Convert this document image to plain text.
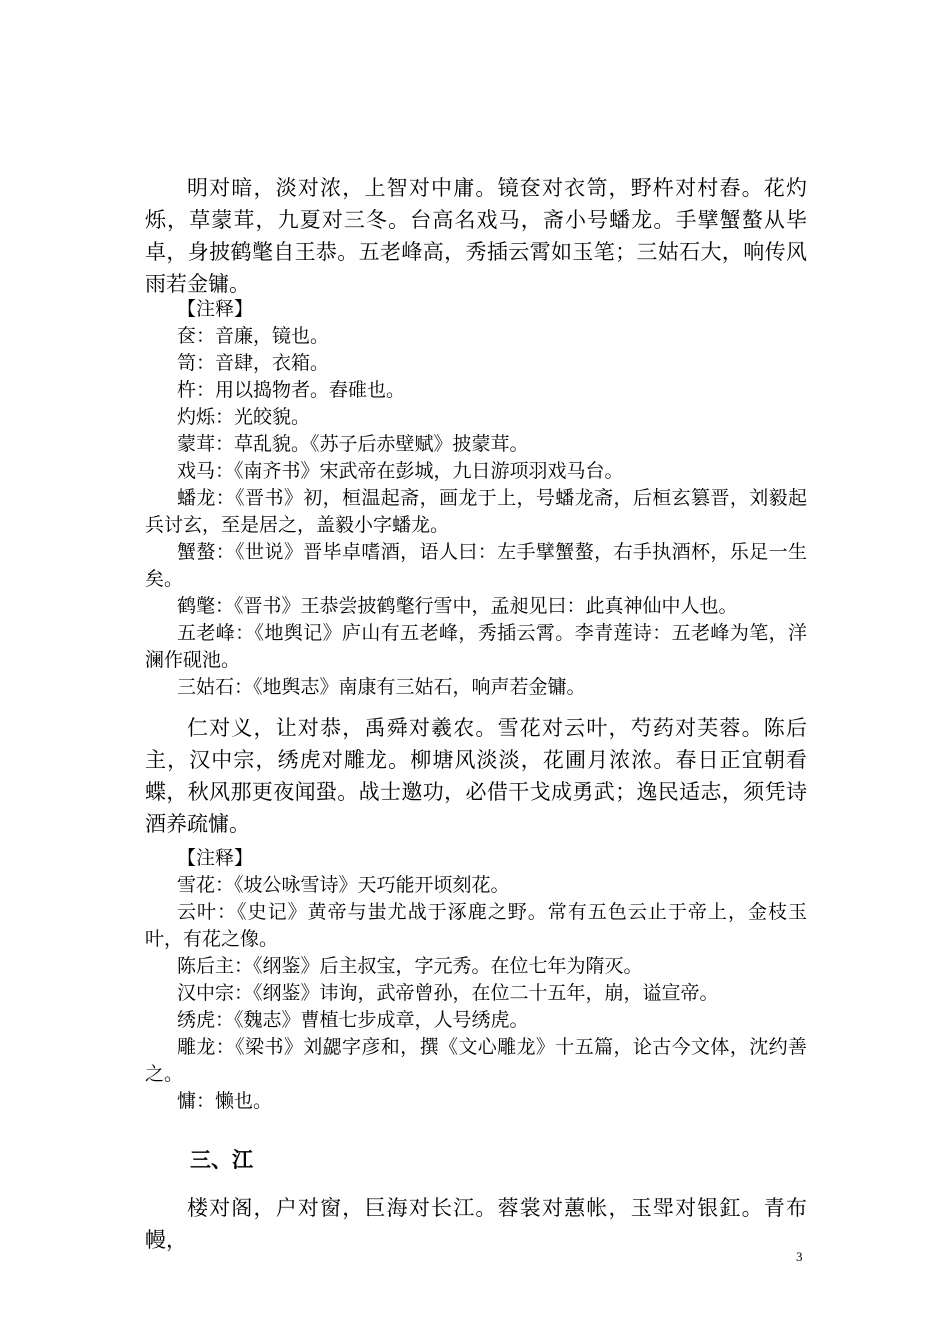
明对暗，淡对浓，上智对中庸。镜奁对衣笥，野杵对村舂。花灼烁，草蒙茸，九夏对三冬。台高名戏马，斋小号蟠龙。手擘蟹螯从毕卓，身披鹤氅自王恭。五老峰高，秀插云霄如玉笔；三姑石大，响传风雨若金镛。

【注释】

奁：音廉，镜也。

笥：音肆，衣箱。

杵：用以捣物者。舂碓也。

灼烁：光皎貌。

蒙茸：草乱貌。《苏子后赤壁赋》披蒙茸。

戏马：《南齐书》宋武帝在彭城，九日游项羽戏马台。

蟠龙：《晋书》初，桓温起斋，画龙于上，号蟠龙斋，后桓玄篡晋，刘毅起兵讨玄，至是居之，盖毅小字蟠龙。

蟹螯：《世说》晋毕卓嗜酒，语人曰：左手擘蟹螯，右手执酒杯，乐足一生矣。

鹤氅：《晋书》王恭尝披鹤氅行雪中，孟昶见曰：此真神仙中人也。

五老峰：《地舆记》庐山有五老峰，秀插云霄。李青莲诗：五老峰为笔，洋澜作砚池。

三姑石：《地舆志》南康有三姑石，响声若金镛。

仁对义，让对恭，禹舜对羲农。雪花对云叶，芍药对芙蓉。陈后主，汉中宗，绣虎对雕龙。柳塘风淡淡，花圃月浓浓。春日正宜朝看蝶，秋风那更夜闻蛩。战士邀功，必借干戈成勇武；逸民适志，须凭诗酒养疏慵。

【注释】

雪花：《坡公咏雪诗》天巧能开顷刻花。

云叶：《史记》黄帝与蚩尤战于涿鹿之野。常有五色云止于帝上，金枝玉叶，有花之像。

陈后主：《纲鉴》后主叔宝，字元秀。在位七年为隋灭。

汉中宗：《纲鉴》讳询，武帝曾孙，在位二十五年，崩，谥宣帝。

绣虎：《魏志》曹植七步成章，人号绣虎。

雕龙：《梁书》刘勰字彦和，撰《文心雕龙》十五篇，论古今文体，沈约善之。

慵：懒也。

三、江

楼对阁，户对窗，巨海对长江。蓉裳对蕙帐，玉斝对银釭。青布幔，

3
